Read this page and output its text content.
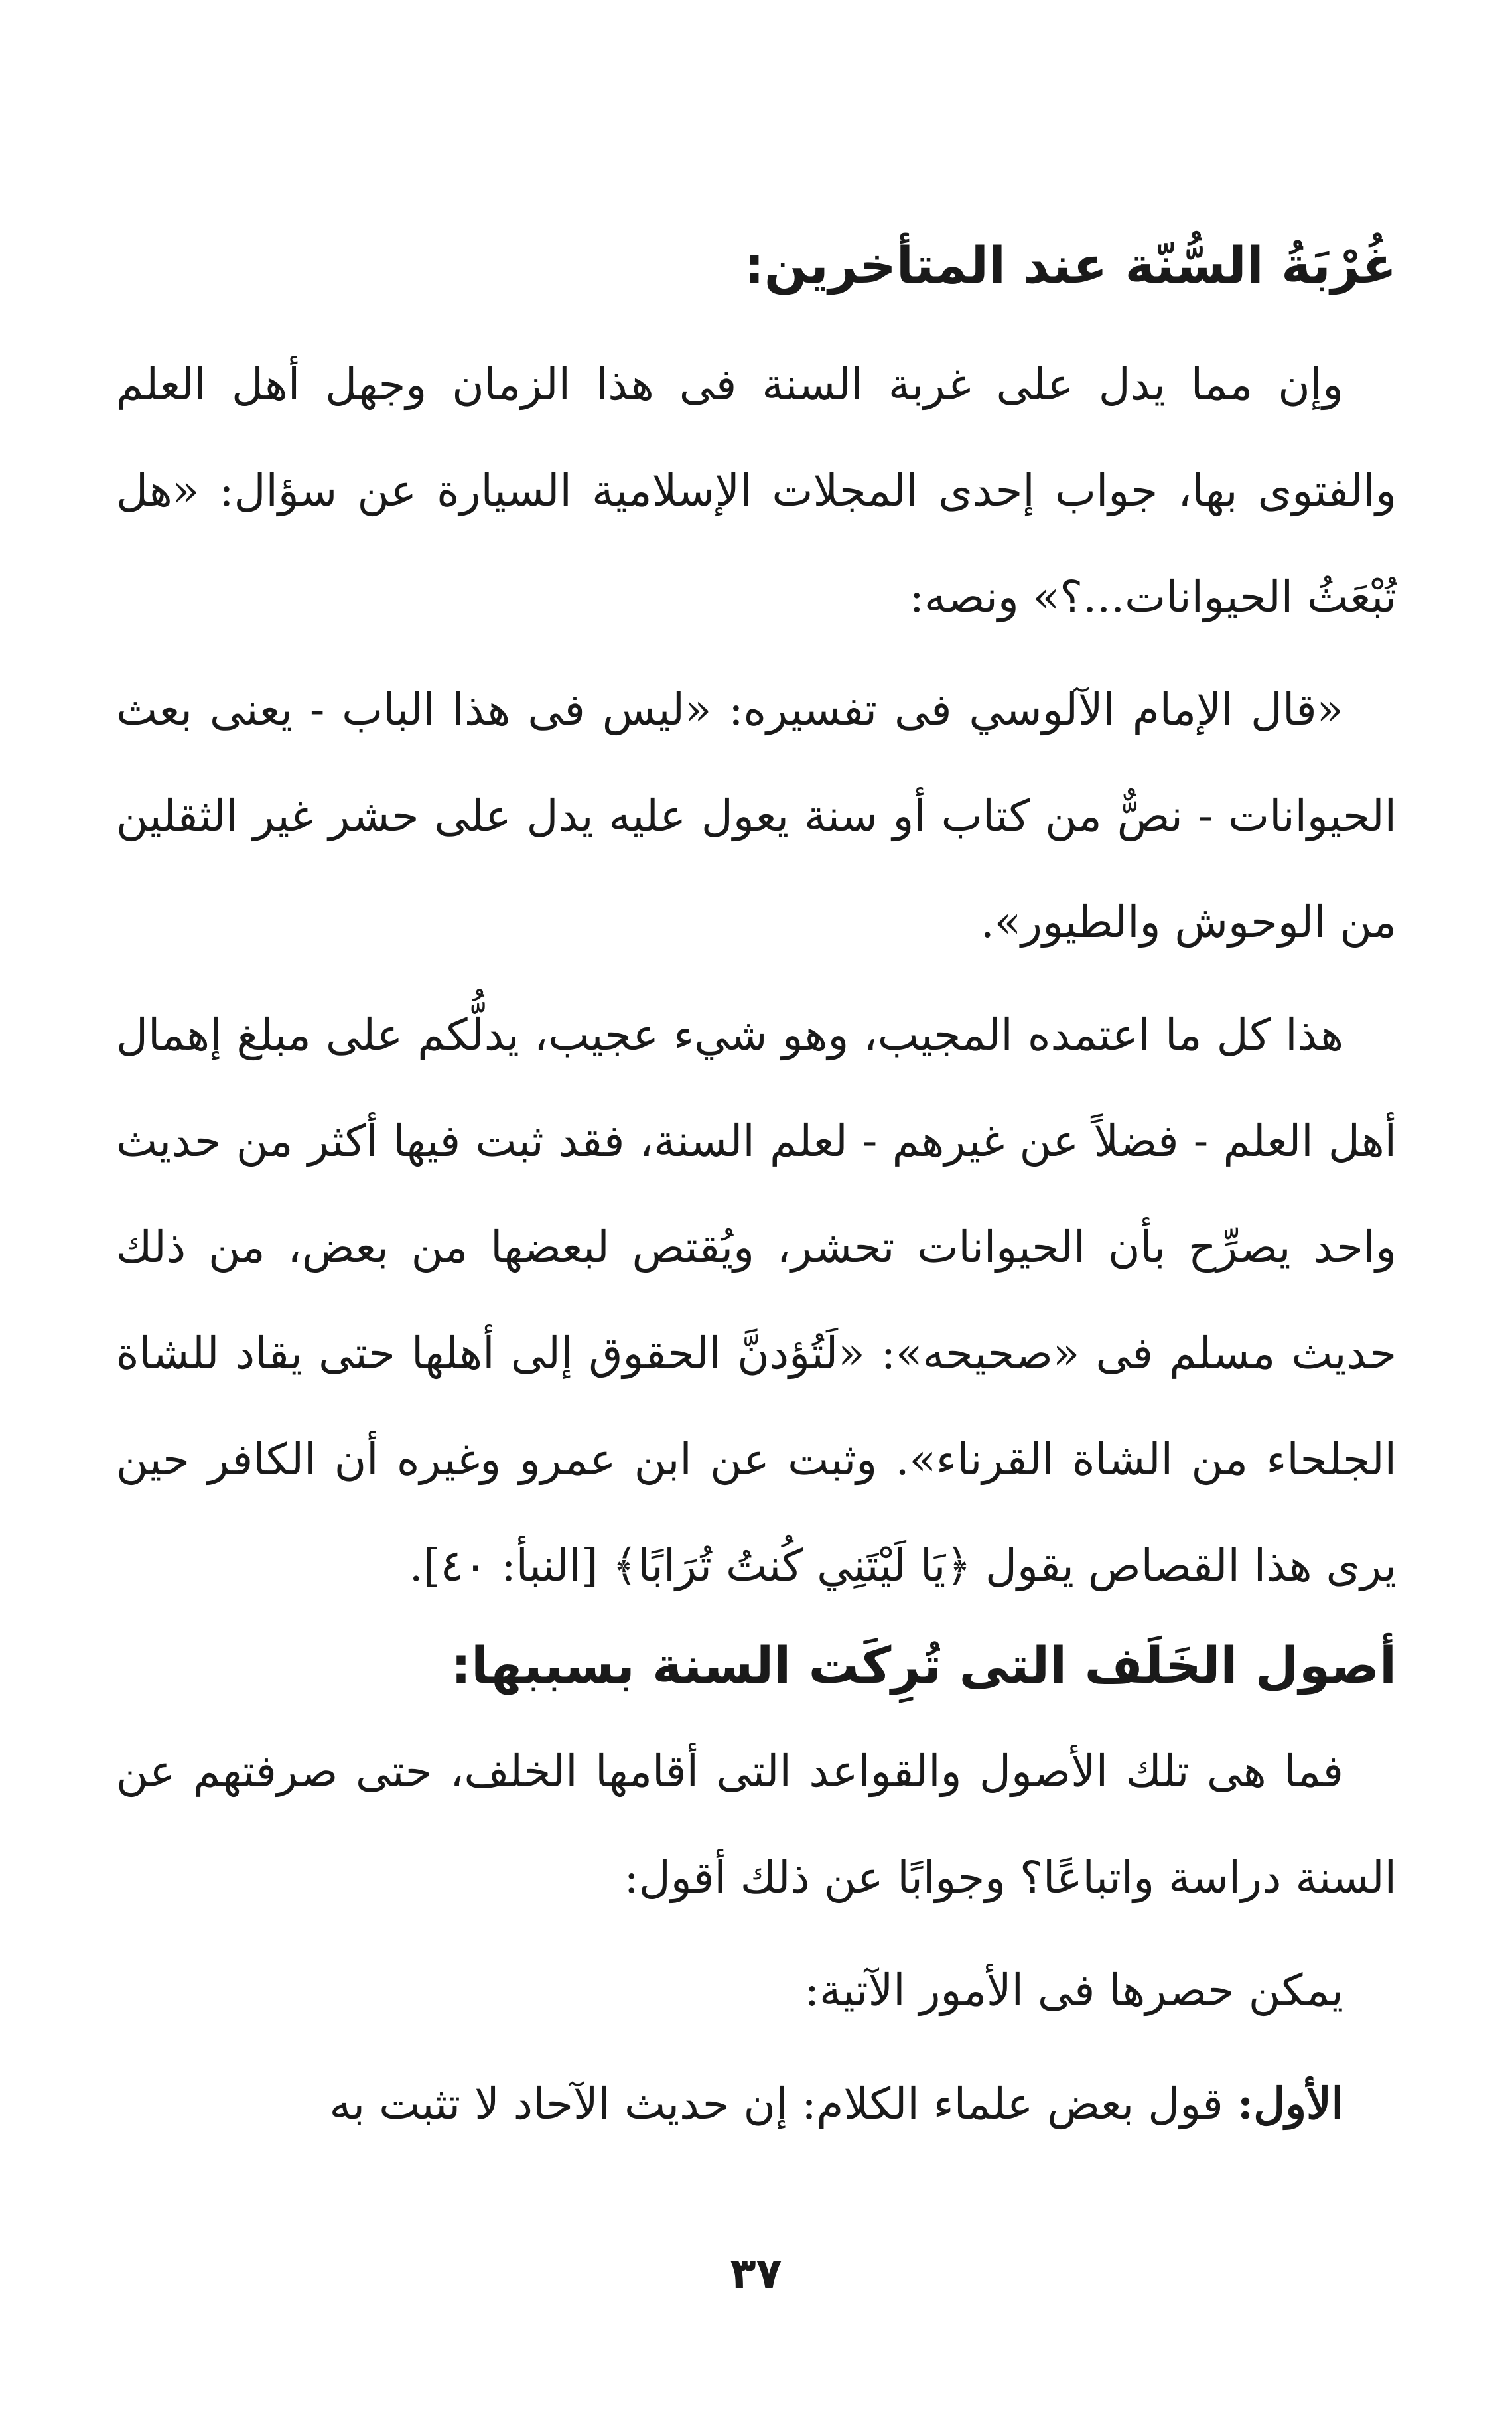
غُرْبَةُ السُّنّة عند المتأخرين:

وإن مما يدل على غربة السنة فى هذا الزمان وجهل أهل العلم والفتوى بها، جواب إحدى المجلات الإسلامية السيارة عن سؤال: «هل تُبْعَثُ الحيوانات...؟» ونصه:

«قال الإمام الآلوسي فى تفسيره: «ليس فى هذا الباب - يعنى بعث الحيوانات - نصٌّ من كتاب أو سنة يعول عليه يدل على حشر غير الثقلين من الوحوش والطيور».

هذا كل ما اعتمده المجيب، وهو شيء عجيب، يدلُّكم على مبلغ إهمال أهل العلم - فضلاً عن غيرهم - لعلم السنة، فقد ثبت فيها أكثر من حديث واحد يصرِّح بأن الحيوانات تحشر، ويُقتص لبعضها من بعض، من ذلك حديث مسلم فى «صحيحه»: «لَتُؤدنَّ الحقوق إلى أهلها حتى يقاد للشاة الجلحاء من الشاة القرناء». وثبت عن ابن عمرو وغيره أن الكافر حين يرى هذا القصاص يقول ﴿يَا لَيْتَنِي كُنتُ تُرَابًا﴾ [النبأ: ٤٠].

أصول الخَلَف التى تُرِكَت السنة بسببها:

فما هى تلك الأصول والقواعد التى أقامها الخلف، حتى صرفتهم عن السنة دراسة واتباعًا؟ وجوابًا عن ذلك أقول:

يمكن حصرها فى الأمور الآتية:

الأول: قول بعض علماء الكلام: إن حديث الآحاد لا تثبت به

٣٧
